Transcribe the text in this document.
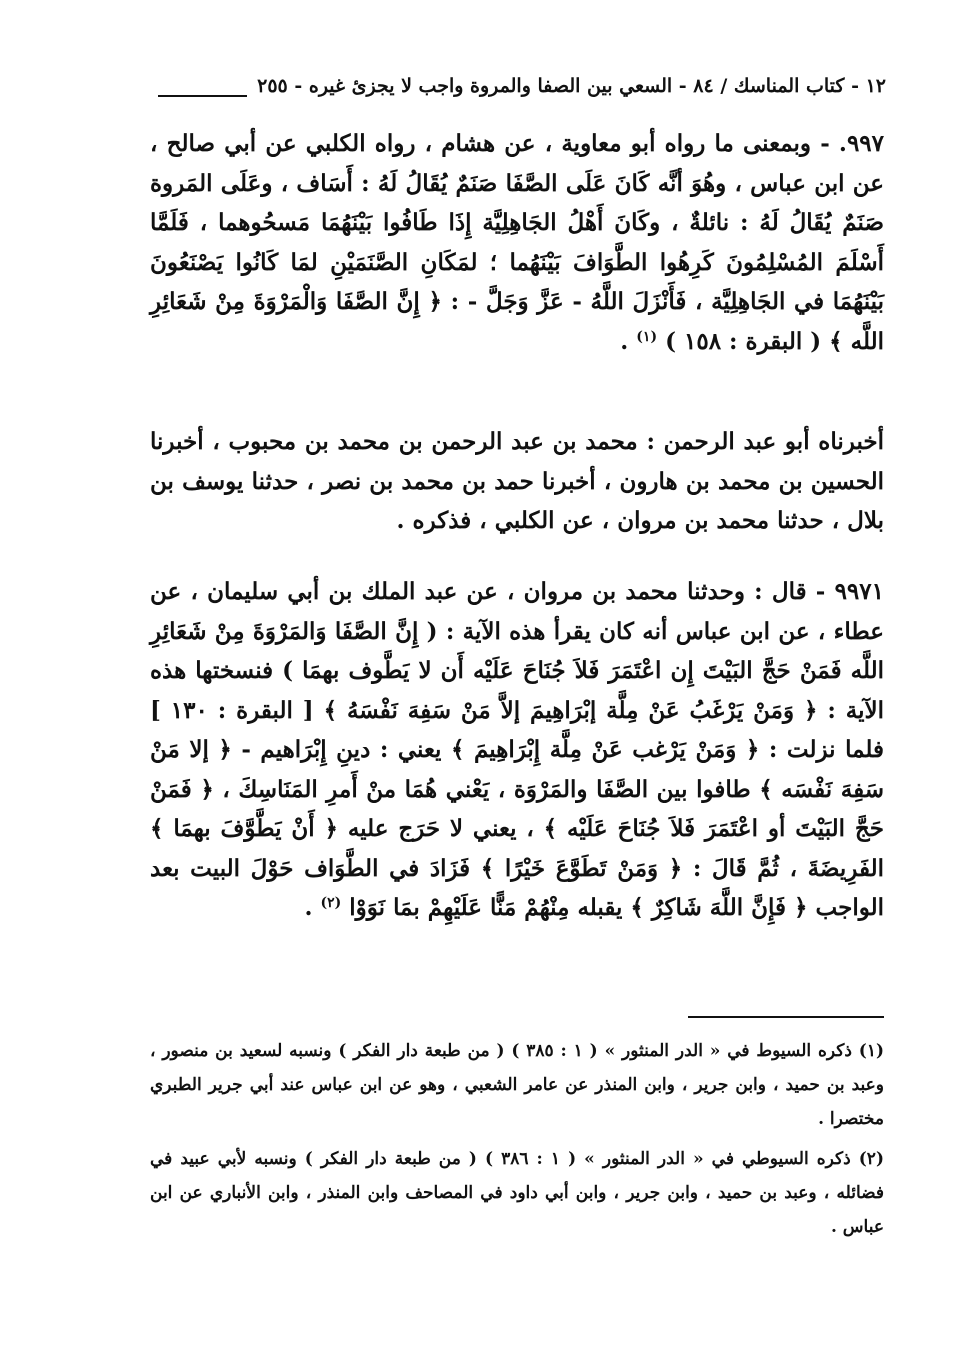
١٢ - كتاب المناسك / ٨٤ - السعي بين الصفا والمروة واجب لا يجزئ غيره - ٢٥٥

٩٩٧. - وبمعنى ما رواه أبو معاوية ، عن هشام ، رواه الكلبي عن أبي صالح ، عن ابن عباس ، وهُوَ أنَّه كَانَ عَلَى الصَّفَا صَنَمٌ يُقَالُ لَهُ : أَسَاف ، وعَلَى المَروة صَنَمٌ يُقَالُ لَهُ : نائلةٌ ، وكَانَ أَهْلُ الجَاهِلِيَّة إِذَا طَافُوا بَيْنَهُمَا مَسحُوهما ، فَلَمَّا أَسْلَمَ المُسْلِمُونَ كَرِهُوا الطَّوَافَ بَيْنَهُما ؛ لمَكَانِ الصَّنَمَيْنِ لمَا كَانُوا يَصْنَعُونَ بَيْنَهُمَا في الجَاهِلِيَّة ، فَأَنْزَلَ اللَّهُ - عَزَّ وَجَلَّ - : ﴿ إِنَّ الصَّفَا وَالْمَرْوَةَ مِنْ شَعَائِرِ اللَّه ﴾ ( البقرة : ١٥٨ ) $^{(١)}$ .

أخبرناه أبو عبد الرحمن : محمد بن عبد الرحمن بن محمد بن محبوب ، أخبرنا الحسين بن محمد بن هارون ، أخبرنا حمد بن محمد بن نصر ، حدثنا يوسف بن بلال ، حدثنا محمد بن مروان ، عن الكلبي ، فذكره .

٩٩٧١ - قال : وحدثنا محمد بن مروان ، عن عبد الملك بن أبي سليمان ، عن عطاء ، عن ابن عباس أنه كان يقرأ هذه الآية : ( إِنَّ الصَّفَا وَالمَرْوَةَ مِنْ شَعَائِرِ اللَّه فَمَنْ حَجَّ البَيْتَ إِن اعْتَمَرَ فَلاَ جُنَاحَ عَلَيْه أَن لا يَطَّوف بهمَا ) فنسختها هذه الآية : ﴿ وَمَنْ يَرْغَبُ عَنْ مِلَّة إبْرَاهِيمَ إلاَّ مَنْ سَفِهَ نَفْسَهُ ﴾ [ البقرة : ١٣٠ ] فلما نزلت : ﴿ وَمَنْ يَرْغب عَنْ مِلَّة إِبْرَاهِيمَ ﴾ يعني : دينِ إِبْرَاهيم - ﴿ إلا مَنْ سَفِهَ نَفْسَه ﴾ طافوا بين الصَّفَا والمَرْوَة ، يَعْني هُمَا منْ أَمرِ المَنَاسِكَ ، ﴿ فَمَنْ حَجَّ البَيْتَ أو اعْتَمَرَ فَلاَ جُنَاحَ عَلَيْه ﴾ ، يعني لا حَرَج عليه ﴿ أَنْ يَطَّوَّفَ بهمَا ﴾ الفَرِيضَةَ ، ثُمَّ قَالَ : ﴿ وَمَنْ تَطَوَّعَ خَيْرًا ﴾ فَزَادَ في الطَّوَاف حَوْلَ البيت بعد الواجب ﴿ فَإِنَّ اللَّهَ شَاكِرٌ ﴾ يقبله مِنْهُمْ مَنًّا عَلَيْهِمْ بمَا نَوَوْا $^{(٢)}$ .

(١) ذكره السيوط في « الدر المنثور » ( ١ : ٣٨٥ ) ( من طبعة دار الفكر ) ونسبه لسعيد بن منصور ، وعبد بن حميد ، وابن جرير ، وابن المنذر عن عامر الشعبي ، وهو عن ابن عباس عند أبي جرير الطبري مختصرا .

(٢) ذكره السيوطي في « الدر المنثور » ( ١ : ٣٨٦ ) ( من طبعة دار الفكر ) ونسبه لأبي عبيد في فضائله ، وعبد بن حميد ، وابن جرير ، وابن أبي داود في المصاحف وابن المنذر ، وابن الأنباري عن ابن عباس .
